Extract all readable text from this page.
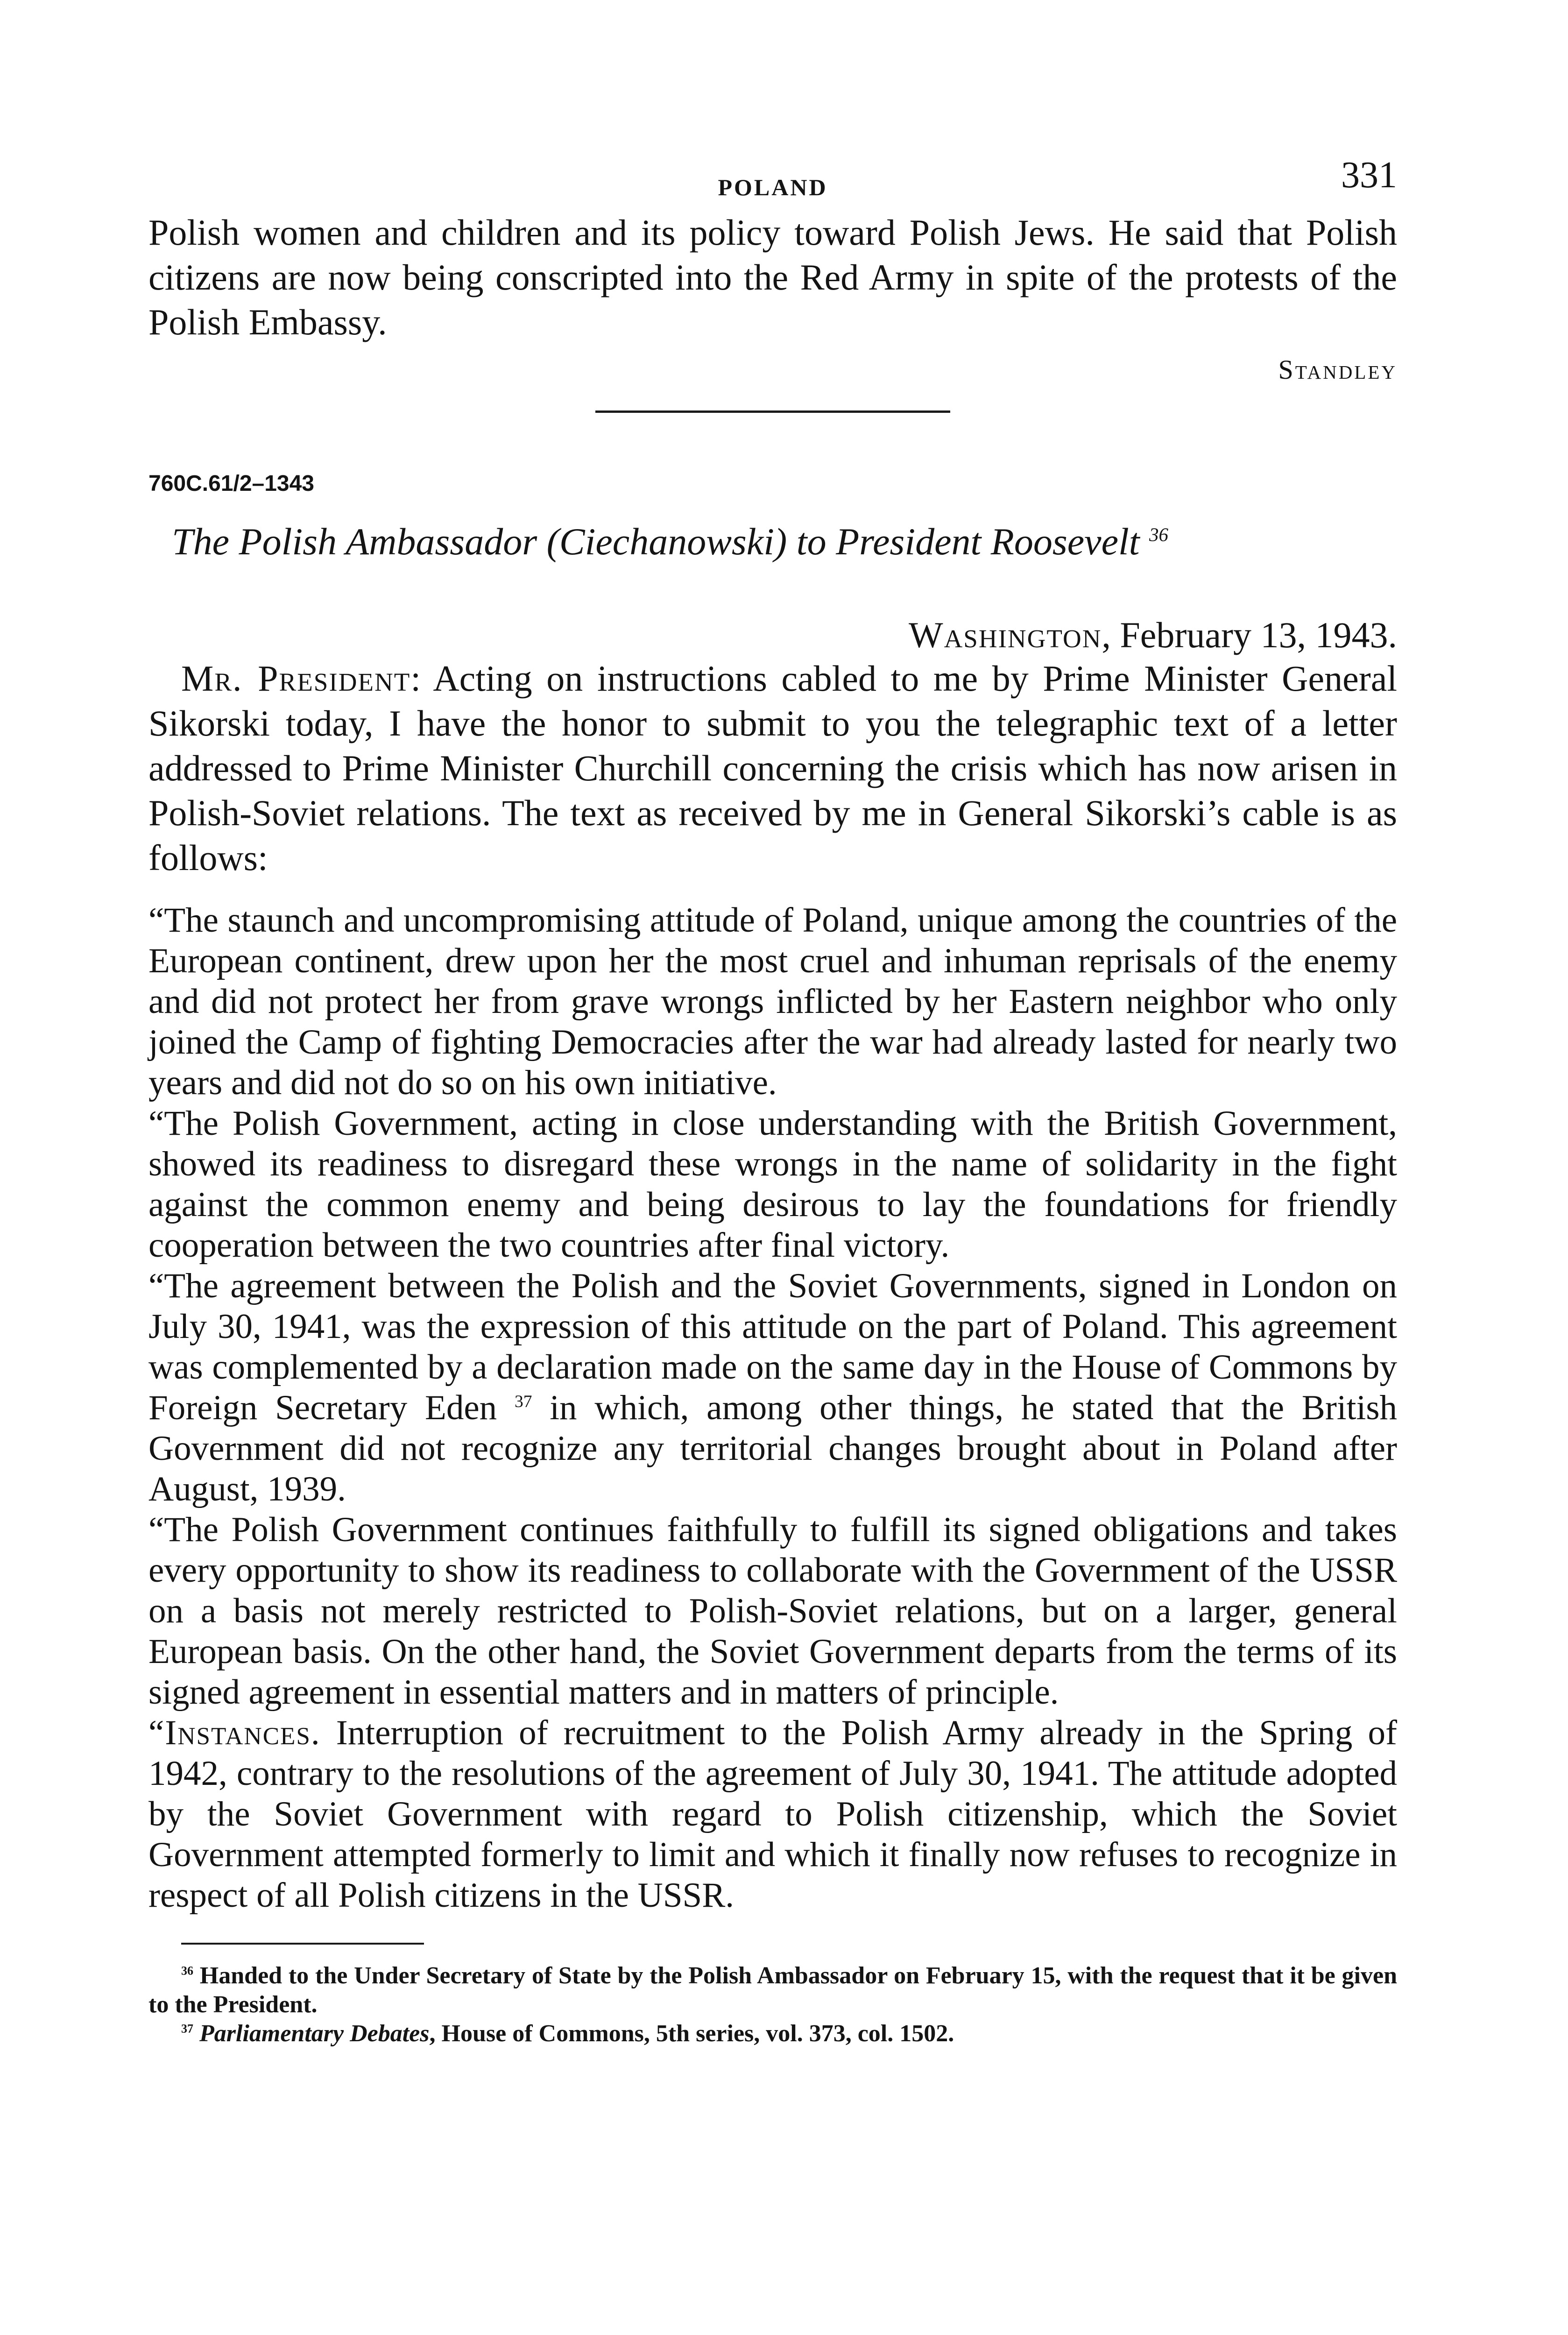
POLAND	331

Polish women and children and its policy toward Polish Jews. He said that Polish citizens are now being conscripted into the Red Army in spite of the protests of the Polish Embassy.

Standley
760C.61/2–1343
The Polish Ambassador (Ciechanowski) to President Roosevelt $^{36}$
Washington, February 13, 1943.

Mr. President: Acting on instructions cabled to me by Prime Minister General Sikorski today, I have the honor to submit to you the telegraphic text of a letter addressed to Prime Minister Churchill concerning the crisis which has now arisen in Polish-Soviet relations. The text as received by me in General Sikorski’s cable is as follows:

“The staunch and uncompromising attitude of Poland, unique among the countries of the European continent, drew upon her the most cruel and inhuman reprisals of the enemy and did not protect her from grave wrongs inflicted by her Eastern neighbor who only joined the Camp of fighting Democracies after the war had already lasted for nearly two years and did not do so on his own initiative.

“The Polish Government, acting in close understanding with the British Government, showed its readiness to disregard these wrongs in the name of solidarity in the fight against the common enemy and being desirous to lay the foundations for friendly cooperation between the two countries after final victory.

“The agreement between the Polish and the Soviet Governments, signed in London on July 30, 1941, was the expression of this attitude on the part of Poland. This agreement was complemented by a declaration made on the same day in the House of Commons by Foreign Secretary Eden $^{37}$ in which, among other things, he stated that the British Government did not recognize any territorial changes brought about in Poland after August, 1939.

“The Polish Government continues faithfully to fulfill its signed obligations and takes every opportunity to show its readiness to collaborate with the Government of the USSR on a basis not merely restricted to Polish-Soviet relations, but on a larger, general European basis. On the other hand, the Soviet Government departs from the terms of its signed agreement in essential matters and in matters of principle.

“Instances. Interruption of recruitment to the Polish Army already in the Spring of 1942, contrary to the resolutions of the agreement of July 30, 1941. The attitude adopted by the Soviet Government with regard to Polish citizenship, which the Soviet Government attempted formerly to limit and which it finally now refuses to recognize in respect of all Polish citizens in the USSR.

$^{36}$ Handed to the Under Secretary of State by the Polish Ambassador on February 15, with the request that it be given to the President.

$^{37}$ Parliamentary Debates, House of Commons, 5th series, vol. 373, col. 1502.
